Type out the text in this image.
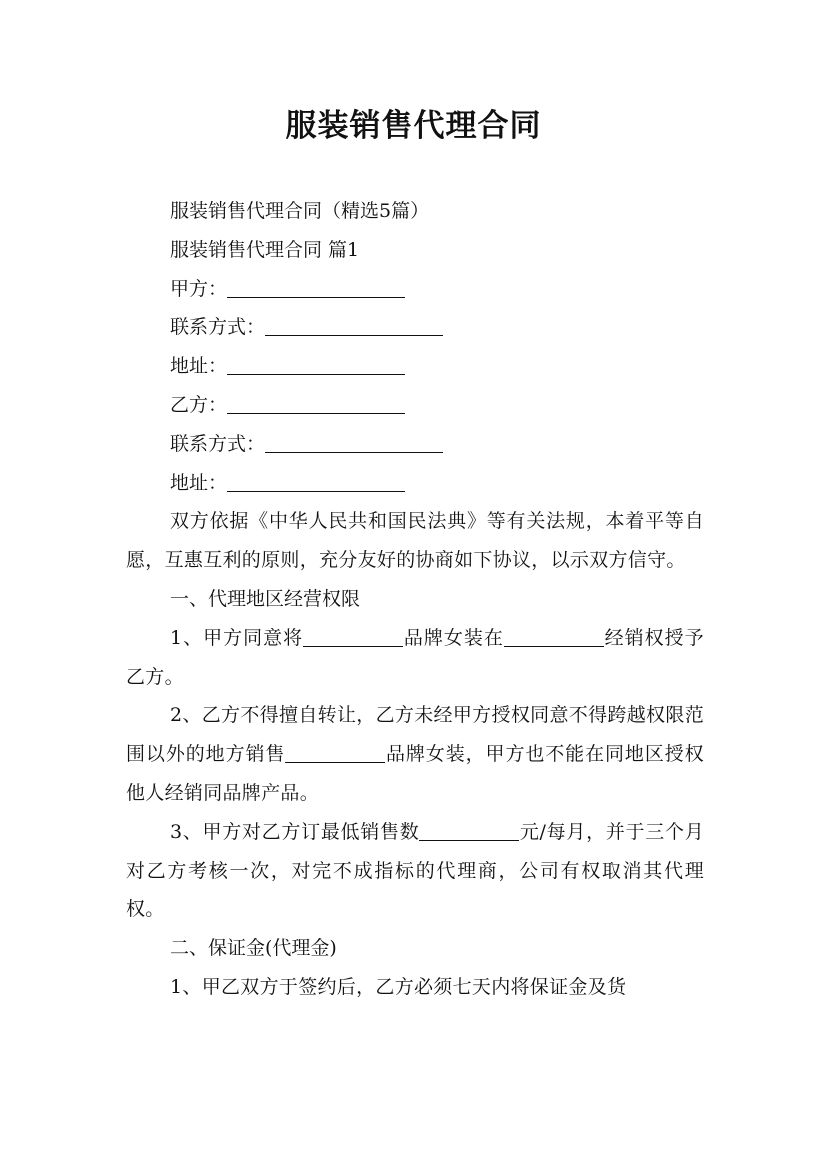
服装销售代理合同

服装销售代理合同（精选5篇）

服装销售代理合同 篇1

甲方：

联系方式：

地址：

乙方：

联系方式：

地址：

双方依据《中华人民共和国民法典》等有关法规，本着平等自愿，互惠互利的原则，充分友好的协商如下协议，以示双方信守。

一、代理地区经营权限

1、甲方同意将	品牌女装在	经销权授予乙方。

2、乙方不得擅自转让，乙方未经甲方授权同意不得跨越权限范围以外的地方销售	品牌女装，甲方也不能在同地区授权他人经销同品牌产品。

3、甲方对乙方订最低销售数	元/每月，并于三个月对乙方考核一次，对完不成指标的代理商，公司有权取消其代理权。

二、保证金(代理金)

1、甲乙双方于签约后，乙方必须七天内将保证金及货
